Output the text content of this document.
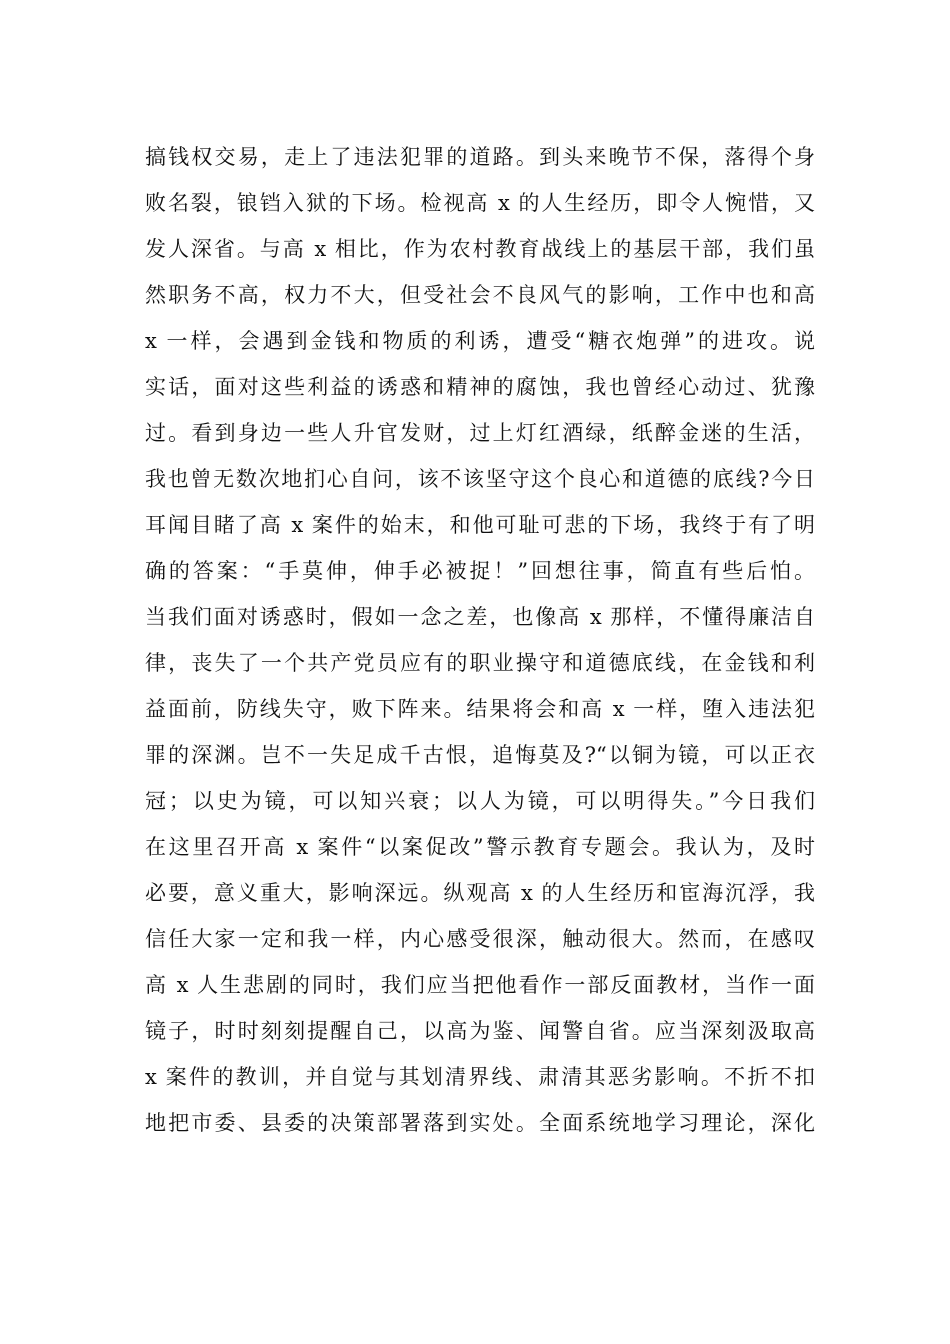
搞钱权交易，走上了违法犯罪的道路。到头来晚节不保，落得个身
败名裂，锒铛入狱的下场。检视高 x 的人生经历，即令人惋惜，又
发人深省。与高 x 相比，作为农村教育战线上的基层干部，我们虽
然职务不高，权力不大，但受社会不良风气的影响，工作中也和高
x 一样，会遇到金钱和物质的利诱，遭受“糖衣炮弹”的进攻。说
实话，面对这些利益的诱惑和精神的腐蚀，我也曾经心动过、犹豫
过。看到身边一些人升官发财，过上灯红酒绿，纸醉金迷的生活，
我也曾无数次地扪心自问，该不该坚守这个良心和道德的底线?今日
耳闻目睹了高 x 案件的始末，和他可耻可悲的下场，我终于有了明
确的答案：“手莫伸，伸手必被捉！”回想往事，简直有些后怕。
当我们面对诱惑时，假如一念之差，也像高 x 那样，不懂得廉洁自
律，丧失了一个共产党员应有的职业操守和道德底线，在金钱和利
益面前，防线失守，败下阵来。结果将会和高 x 一样，堕入违法犯
罪的深渊。岂不一失足成千古恨，追悔莫及?“以铜为镜，可以正衣
冠；以史为镜，可以知兴衰；以人为镜，可以明得失。”今日我们
在这里召开高 x 案件“以案促改”警示教育专题会。我认为，及时
必要，意义重大，影响深远。纵观高 x 的人生经历和宦海沉浮，我
信任大家一定和我一样，内心感受很深，触动很大。然而，在感叹
高 x 人生悲剧的同时，我们应当把他看作一部反面教材，当作一面
镜子，时时刻刻提醒自己，以高为鉴、闻警自省。应当深刻汲取高
x 案件的教训，并自觉与其划清界线、肃清其恶劣影响。不折不扣
地把市委、县委的决策部署落到实处。全面系统地学习理论，深化
